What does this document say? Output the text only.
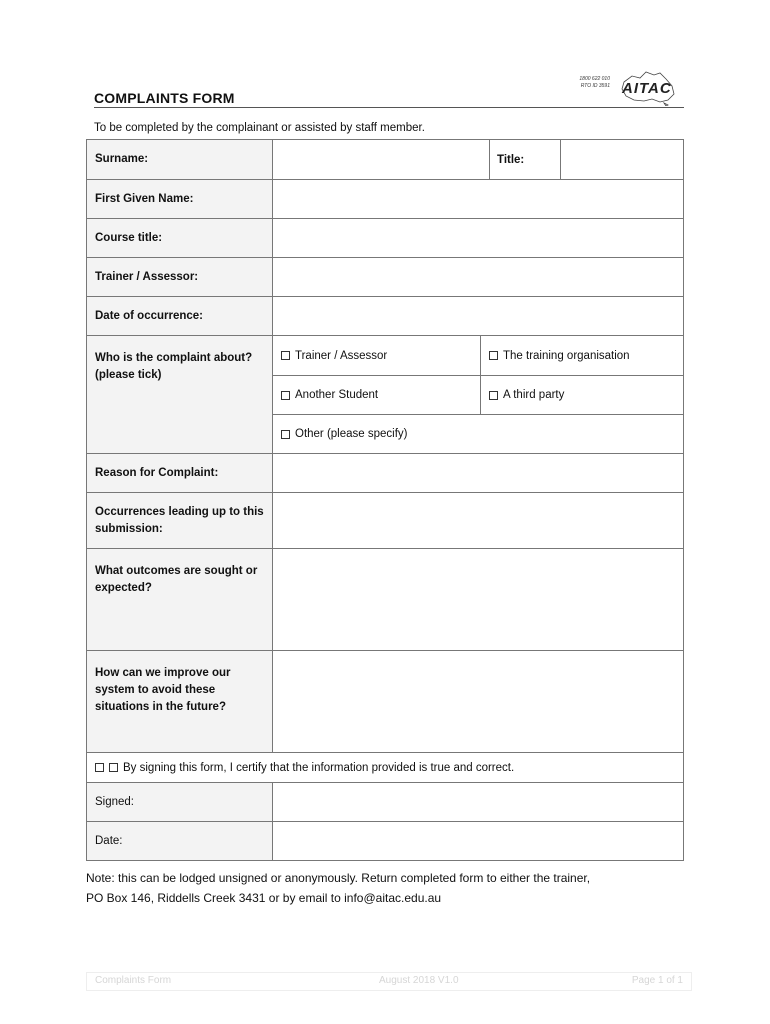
COMPLAINTS FORM
1800 622 010
RTO ID 3591 AITAC
To be completed by the complainant or assisted by staff member.
Surname:	Title:
First Given Name:
Course title:
Trainer / Assessor:
Date of occurrence:
Who is the complaint about? (please tick)
Trainer / Assessor	The training organisation
Another Student	A third party
Other (please specify)
Reason for Complaint:
Occurrences leading up to this submission:
What outcomes are sought or expected?
How can we improve our system to avoid these situations in the future?
By signing this form, I certify that the information provided is true and correct.
Signed:
Date:
Note: this can be lodged unsigned or anonymously. Return completed form to either the trainer,
PO Box 146, Riddells Creek 3431 or by email to info@aitac.edu.au
Complaints Form	August 2018 V1.0	Page 1 of 1
